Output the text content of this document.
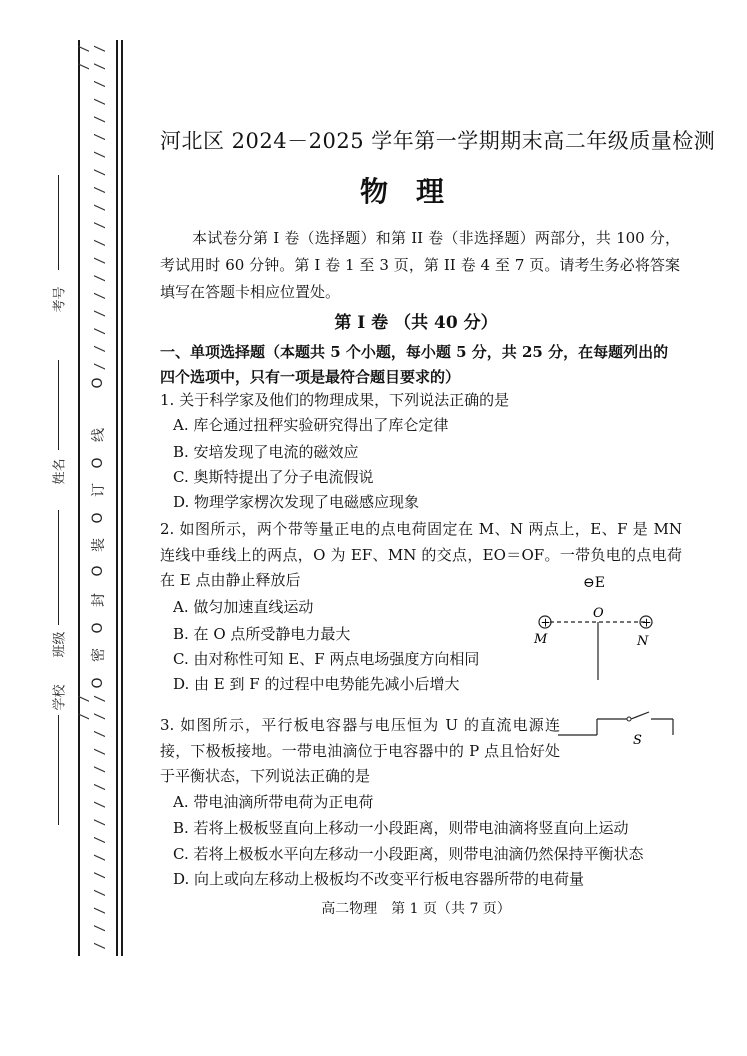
/ / / / / / / / / / / / / / / / / / / / /
O
线
O
订
O
装
O
封
O
密
O
/ / / / / / / / / / / / / / / / /
考号
姓名
班级
学校
河北区 2024－2025 学年第一学期期末高二年级质量检测
物理
本试卷分第 I 卷（选择题）和第 II 卷（非选择题）两部分，共 100 分，考试用时 60 分钟。第 I 卷 1 至 3 页，第 II 卷 4 至 7 页。请考生务必将答案填写在答题卡相应位置处。
第 I 卷 （共 40 分）
一、单项选择题（本题共 5 个小题，每小题 5 分，共 25 分，在每题列出的四个选项中，只有一项是最符合题目要求的）
1. 关于科学家及他们的物理成果，下列说法正确的是
A. 库仑通过扭秤实验研究得出了库仑定律
B. 安培发现了电流的磁效应
C. 奥斯特提出了分子电流假说
D. 物理学家楞次发现了电磁感应现象
2. 如图所示，两个带等量正电的点电荷固定在 M、N 两点上，E、F 是 MN 连线中垂线上的两点，O 为 EF、MN 的交点，EO＝OF。一带负电的点电荷在 E 点由静止释放后
A. 做匀加速直线运动
B. 在 O 点所受静电力最大
C. 由对称性可知 E、F 两点电场强度方向相同
D. 由 E 到 F 的过程中电势能先减小后增大
⊖E
+	+
O
M	N
3. 如图所示，平行板电容器与电压恒为 U 的直流电源连接，下极板接地。一带电油滴位于电容器中的 P 点且恰好处于平衡状态，下列说法正确的是
S
A. 带电油滴所带电荷为正电荷
B. 若将上极板竖直向上移动一小段距离，则带电油滴将竖直向上运动
C. 若将上极板水平向左移动一小段距离，则带电油滴仍然保持平衡状态
D. 向上或向左移动上极板均不改变平行板电容器所带的电荷量
高二物理　第 1 页（共 7 页）
